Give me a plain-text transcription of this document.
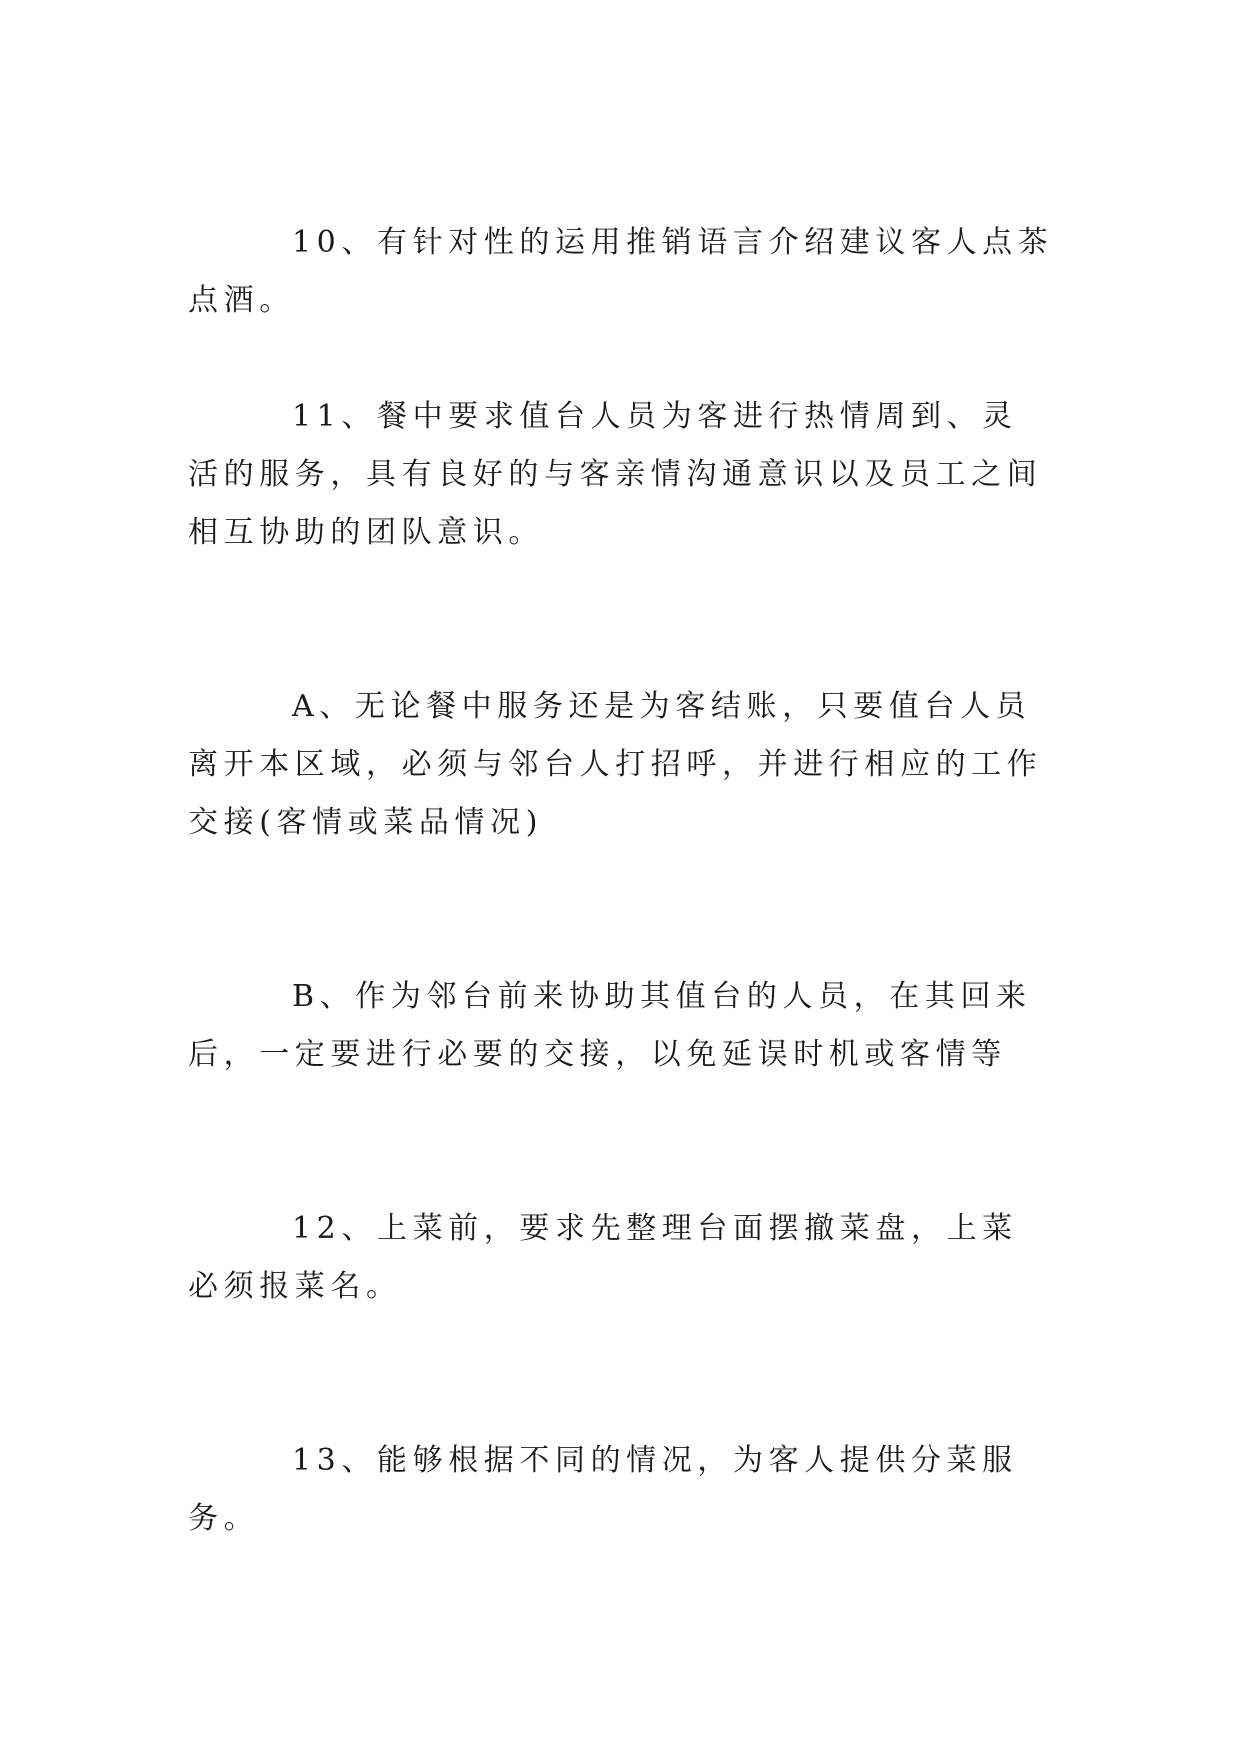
10、有针对性的运用推销语言介绍建议客人点茶点酒。

11、餐中要求值台人员为客进行热情周到、灵活的服务，具有良好的与客亲情沟通意识以及员工之间相互协助的团队意识。

A、无论餐中服务还是为客结账，只要值台人员离开本区域，必须与邻台人打招呼，并进行相应的工作交接(客情或菜品情况)

B、作为邻台前来协助其值台的人员，在其回来后，一定要进行必要的交接，以免延误时机或客情等

12、上菜前，要求先整理台面摆撤菜盘，上菜必须报菜名。

13、能够根据不同的情况，为客人提供分菜服务。
